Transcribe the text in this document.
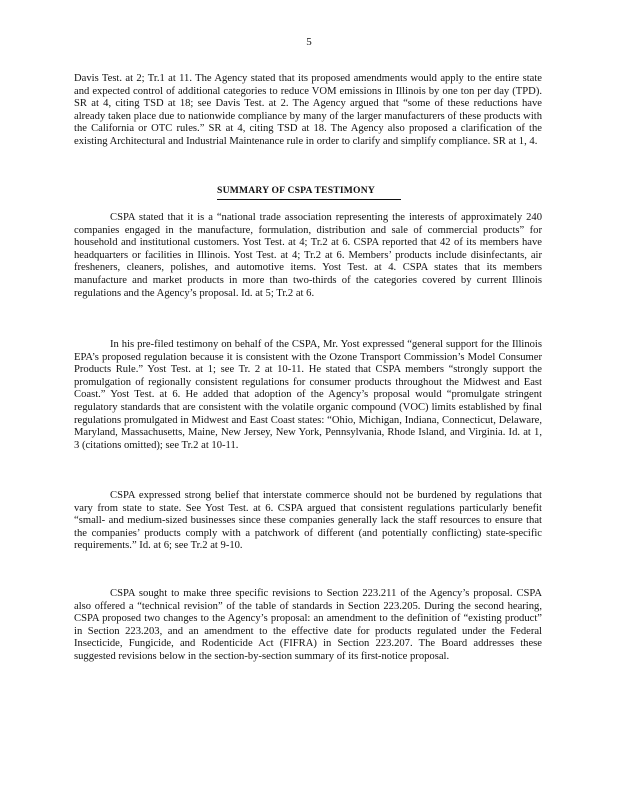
5

Davis Test. at 2; Tr.1 at 11. The Agency stated that its proposed amendments would apply to the entire state and expected control of additional categories to reduce VOM emissions in Illinois by one ton per day (TPD). SR at 4, citing TSD at 18; see Davis Test. at 2. The Agency argued that “some of these reductions have already taken place due to nationwide compliance by many of the larger manufacturers of these products with the California or OTC rules.” SR at 4, citing TSD at 18. The Agency also proposed a clarification of the existing Architectural and Industrial Maintenance rule in order to clarify and simplify compliance. SR at 1, 4.

SUMMARY OF CSPA TESTIMONY

CSPA stated that it is a “national trade association representing the interests of approximately 240 companies engaged in the manufacture, formulation, distribution and sale of commercial products” for household and institutional customers. Yost Test. at 4; Tr.2 at 6. CSPA reported that 42 of its members have headquarters or facilities in Illinois. Yost Test. at 4; Tr.2 at 6. Members’ products include disinfectants, air fresheners, cleaners, polishes, and automotive items. Yost Test. at 4. CSPA states that its members manufacture and market products in more than two-thirds of the categories covered by current Illinois regulations and the Agency’s proposal. Id. at 5; Tr.2 at 6.

In his pre-filed testimony on behalf of the CSPA, Mr. Yost expressed “general support for the Illinois EPA’s proposed regulation because it is consistent with the Ozone Transport Commission’s Model Consumer Products Rule.” Yost Test. at 1; see Tr. 2 at 10-11. He stated that CSPA members “strongly support the promulgation of regionally consistent regulations for consumer products throughout the Midwest and East Coast.” Yost Test. at 6. He added that adoption of the Agency’s proposal would “promulgate stringent regulatory standards that are consistent with the volatile organic compound (VOC) limits established by final regulations promulgated in Midwest and East Coast states: “Ohio, Michigan, Indiana, Connecticut, Delaware, Maryland, Massachusetts, Maine, New Jersey, New York, Pennsylvania, Rhode Island, and Virginia. Id. at 1, 3 (citations omitted); see Tr.2 at 10-11.

CSPA expressed strong belief that interstate commerce should not be burdened by regulations that vary from state to state. See Yost Test. at 6. CSPA argued that consistent regulations particularly benefit “small- and medium-sized businesses since these companies generally lack the staff resources to ensure that the companies’ products comply with a patchwork of different (and potentially conflicting) state-specific requirements.” Id. at 6; see Tr.2 at 9-10.

CSPA sought to make three specific revisions to Section 223.211 of the Agency’s proposal. CSPA also offered a “technical revision” of the table of standards in Section 223.205. During the second hearing, CSPA proposed two changes to the Agency’s proposal: an amendment to the definition of “existing product” in Section 223.203, and an amendment to the effective date for products regulated under the Federal Insecticide, Fungicide, and Rodenticide Act (FIFRA) in Section 223.207. The Board addresses these suggested revisions below in the section-by-section summary of its first-notice proposal.
